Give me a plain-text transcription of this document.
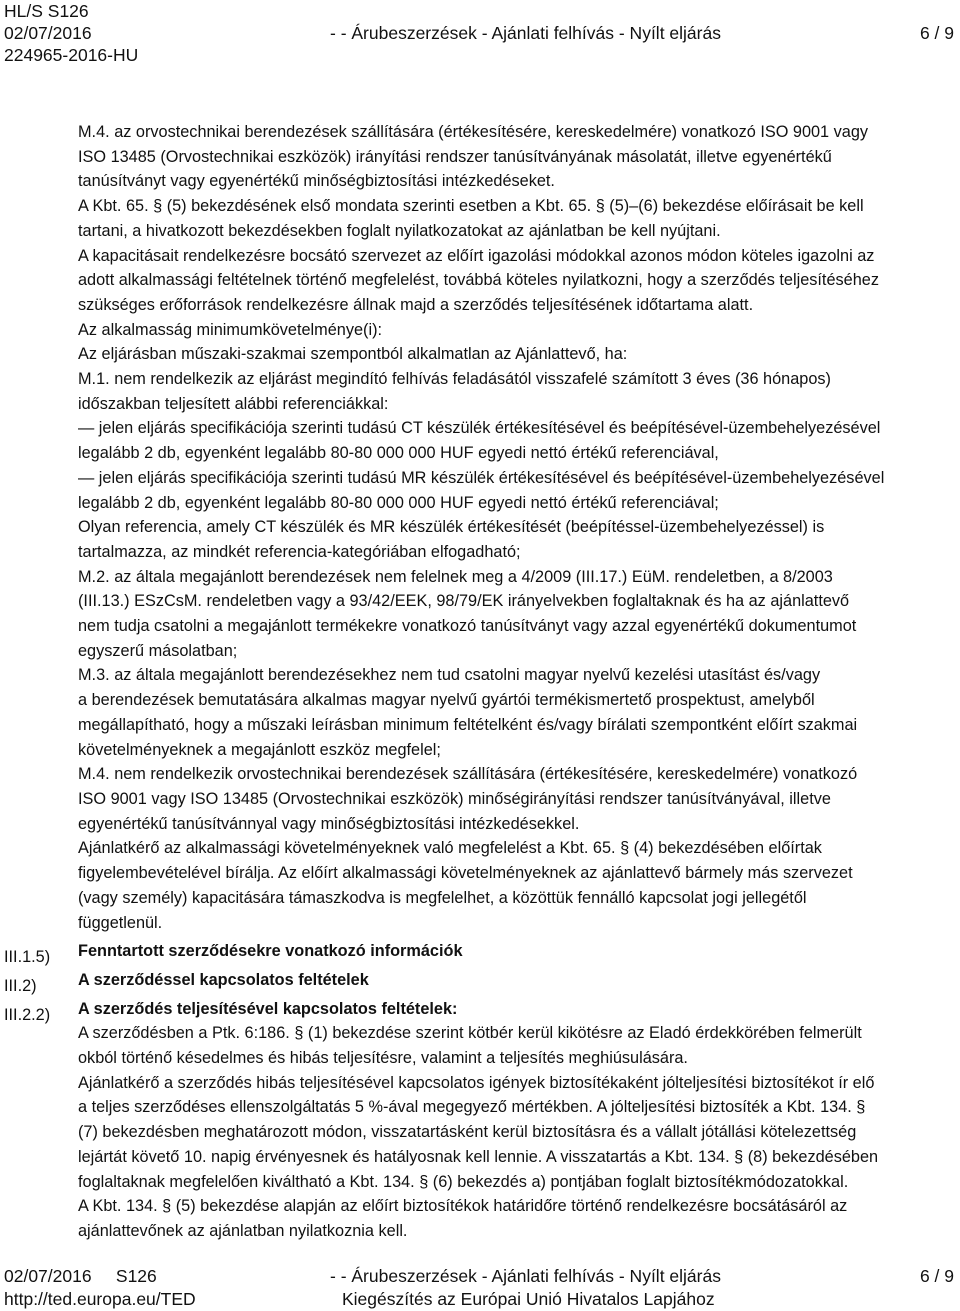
HL/S S126
02/07/2016
224965-2016-HU
- - Árubeszerzések - Ajánlati felhívás - Nyílt eljárás	6 / 9
III.1.5)
III.2)
III.2.2)
M.4. az orvostechnikai berendezések szállítására (értékesítésére, kereskedelmére) vonatkozó ISO 9001 vagy
ISO 13485 (Orvostechnikai eszközök) irányítási rendszer tanúsítványának másolatát, illetve egyenértékű
tanúsítványt vagy egyenértékű minőségbiztosítási intézkedéseket.
A Kbt. 65. § (5) bekezdésének első mondata szerinti esetben a Kbt. 65. § (5)–(6) bekezdése előírásait be kell
tartani, a hivatkozott bekezdésekben foglalt nyilatkozatokat az ajánlatban be kell nyújtani.
A kapacitásait rendelkezésre bocsátó szervezet az előírt igazolási módokkal azonos módon köteles igazolni az
adott alkalmassági feltételnek történő megfelelést, továbbá köteles nyilatkozni, hogy a szerződés teljesítéséhez
szükséges erőforrások rendelkezésre állnak majd a szerződés teljesítésének időtartama alatt.
Az alkalmasság minimumkövetelménye(i):
Az eljárásban műszaki-szakmai szempontból alkalmatlan az Ajánlattevő, ha:
M.1. nem rendelkezik az eljárást megindító felhívás feladásától visszafelé számított 3 éves (36 hónapos)
időszakban teljesített alábbi referenciákkal:
— jelen eljárás specifikációja szerinti tudású CT készülék értékesítésével és beépítésével-üzembehelyezésével
legalább 2 db, egyenként legalább 80-80 000 000 HUF egyedi nettó értékű referenciával,
— jelen eljárás specifikációja szerinti tudású MR készülék értékesítésével és beépítésével-üzembehelyezésével
legalább 2 db, egyenként legalább 80-80 000 000 HUF egyedi nettó értékű referenciával;
Olyan referencia, amely CT készülék és MR készülék értékesítését (beépítéssel-üzembehelyezéssel) is
tartalmazza, az mindkét referencia-kategóriában elfogadható;
M.2. az általa megajánlott berendezések nem felelnek meg a 4/2009 (III.17.) EüM. rendeletben, a 8/2003
(III.13.) ESzCsM. rendeletben vagy a 93/42/EEK, 98/79/EK irányelvekben foglaltaknak és ha az ajánlattevő
nem tudja csatolni a megajánlott termékekre vonatkozó tanúsítványt vagy azzal egyenértékű dokumentumot
egyszerű másolatban;
M.3. az általa megajánlott berendezésekhez nem tud csatolni magyar nyelvű kezelési utasítást és/vagy
a berendezések bemutatására alkalmas magyar nyelvű gyártói termékismertető prospektust, amelyből
megállapítható, hogy a műszaki leírásban minimum feltételként és/vagy bírálati szempontként előírt szakmai
követelményeknek a megajánlott eszköz megfelel;
M.4. nem rendelkezik orvostechnikai berendezések szállítására (értékesítésére, kereskedelmére) vonatkozó
ISO 9001 vagy ISO 13485 (Orvostechnikai eszközök) minőségirányítási rendszer tanúsítványával, illetve
egyenértékű tanúsítvánnyal vagy minőségbiztosítási intézkedésekkel.
Ajánlatkérő az alkalmassági követelményeknek való megfelelést a Kbt. 65. § (4) bekezdésében előírtak
figyelembevételével bírálja. Az előírt alkalmassági követelményeknek az ajánlattevő bármely más szervezet
(vagy személy) kapacitására támaszkodva is megfelelhet, a közöttük fennálló kapcsolat jogi jellegétől
függetlenül.
Fenntartott szerződésekre vonatkozó információk
A szerződéssel kapcsolatos feltételek
A szerződés teljesítésével kapcsolatos feltételek:
A szerződésben a Ptk. 6:186. § (1) bekezdése szerint kötbér kerül kikötésre az Eladó érdekkörében felmerült
okból történő késedelmes és hibás teljesítésre, valamint a teljesítés meghiúsulására.
Ajánlatkérő a szerződés hibás teljesítésével kapcsolatos igények biztosítékaként jólteljesítési biztosítékot ír elő
a teljes szerződéses ellenszolgáltatás 5 %-ával megegyező mértékben. A jólteljesítési biztosíték a Kbt. 134. §
(7) bekezdésben meghatározott módon, visszatartásként kerül biztosításra és a vállalt jótállási kötelezettség
lejártát követő 10. napig érvényesnek és hatályosnak kell lennie. A visszatartás a Kbt. 134. § (8) bekezdésében
foglaltaknak megfelelően kiváltható a Kbt. 134. § (6) bekezdés a) pontjában foglalt biztosítékmódozatokkal.
A Kbt. 134. § (5) bekezdése alapján az előírt biztosítékok határidőre történő rendelkezésre bocsátásáról az
ajánlattevőnek az ajánlatban nyilatkoznia kell.
02/07/2016     S126
http://ted.europa.eu/TED
- - Árubeszerzések - Ajánlati felhívás - Nyílt eljárás
Kiegészítés az Európai Unió Hivatalos Lapjához
6 / 9
